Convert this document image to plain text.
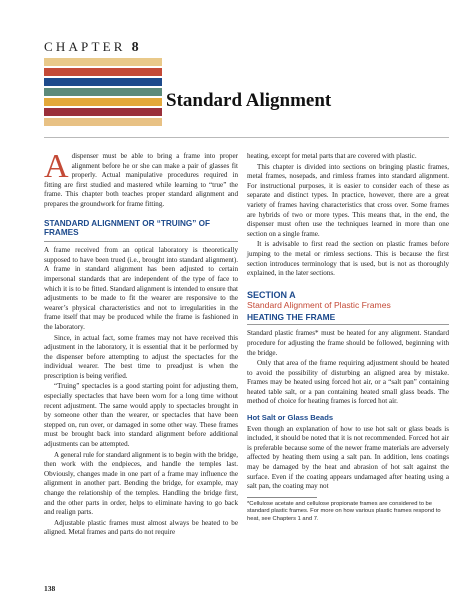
CHAPTER 8
Standard Alignment

A dispenser must be able to bring a frame into proper alignment before he or she can make a pair of glasses fit properly. Actual manipulative procedures required in fitting are first studied and mastered while learning to “true” the frame. This chapter both teaches proper standard alignment and prepares the groundwork for frame fitting.

STANDARD ALIGNMENT OR “TRUING” OF FRAMES

A frame received from an optical laboratory is theoretically supposed to have been trued (i.e., brought into standard alignment). A frame in standard alignment has been adjusted to certain impersonal standards that are independent of the type of face to which it is to be fitted. Standard alignment is intended to ensure that adjustments to be made to fit the wearer are responsive to the wearer’s physical characteristics and not to irregularities in the frame itself that may be produced while the frame is fashioned in the laboratory.

Since, in actual fact, some frames may not have received this adjustment in the laboratory, it is essential that it be performed by the dispenser before attempting to adjust the spectacles for the individual wearer. The best time to preadjust is when the prescription is being verified.

“Truing” spectacles is a good starting point for adjusting them, especially spectacles that have been worn for a long time without recent adjustment. The same would apply to spectacles brought in by someone other than the wearer, or spectacles that have been stepped on, run over, or damaged in some other way. These frames must be brought back into standard alignment before additional adjustments can be attempted.

A general rule for standard alignment is to begin with the bridge, then work with the endpieces, and handle the temples last. Obviously, changes made in one part of a frame may influence the alignment in another part. Bending the bridge, for example, may change the relationship of the temples. Handling the bridge first, and the other parts in order, helps to eliminate having to go back and realign parts.

Adjustable plastic frames must almost always be heated to be aligned. Metal frames and parts do not require

heating, except for metal parts that are covered with plastic.

This chapter is divided into sections on bringing plastic frames, metal frames, nosepads, and rimless frames into standard alignment. For instructional purposes, it is easier to consider each of these as separate and distinct types. In practice, however, there are a great variety of frames having characteristics that cross over. Some frames are hybrids of two or more types. This means that, in the end, the dispenser must often use the techniques learned in more than one section on a single frame.

It is advisable to first read the section on plastic frames before jumping to the metal or rimless sections. This is because the first section introduces terminology that is used, but is not as thoroughly explained, in the later sections.

SECTION A
Standard Alignment of Plastic Frames
HEATING THE FRAME

Standard plastic frames* must be heated for any alignment. Standard procedure for adjusting the frame should be followed, beginning with the bridge.

Only that area of the frame requiring adjustment should be heated to avoid the possibility of disturbing an aligned area by mistake. Frames may be heated using forced hot air, or a “salt pan” containing heated table salt, or a pan containing heated small glass beads. The method of choice for heating frames is forced hot air.

Hot Salt or Glass Beads

Even though an explanation of how to use hot salt or glass beads is included, it should be noted that it is not recommended. Forced hot air is preferable because some of the newer frame materials are adversely affected by heating them using a salt pan. In addition, lens coatings may be damaged by the heat and abrasion of hot salt against the surface. Even if the coating appears undamaged after heating using a salt pan, the coating may not

*Cellulose acetate and cellulose propionate frames are considered to be standard plastic frames. For more on how various plastic frames respond to heat, see Chapters 1 and 7.

138
